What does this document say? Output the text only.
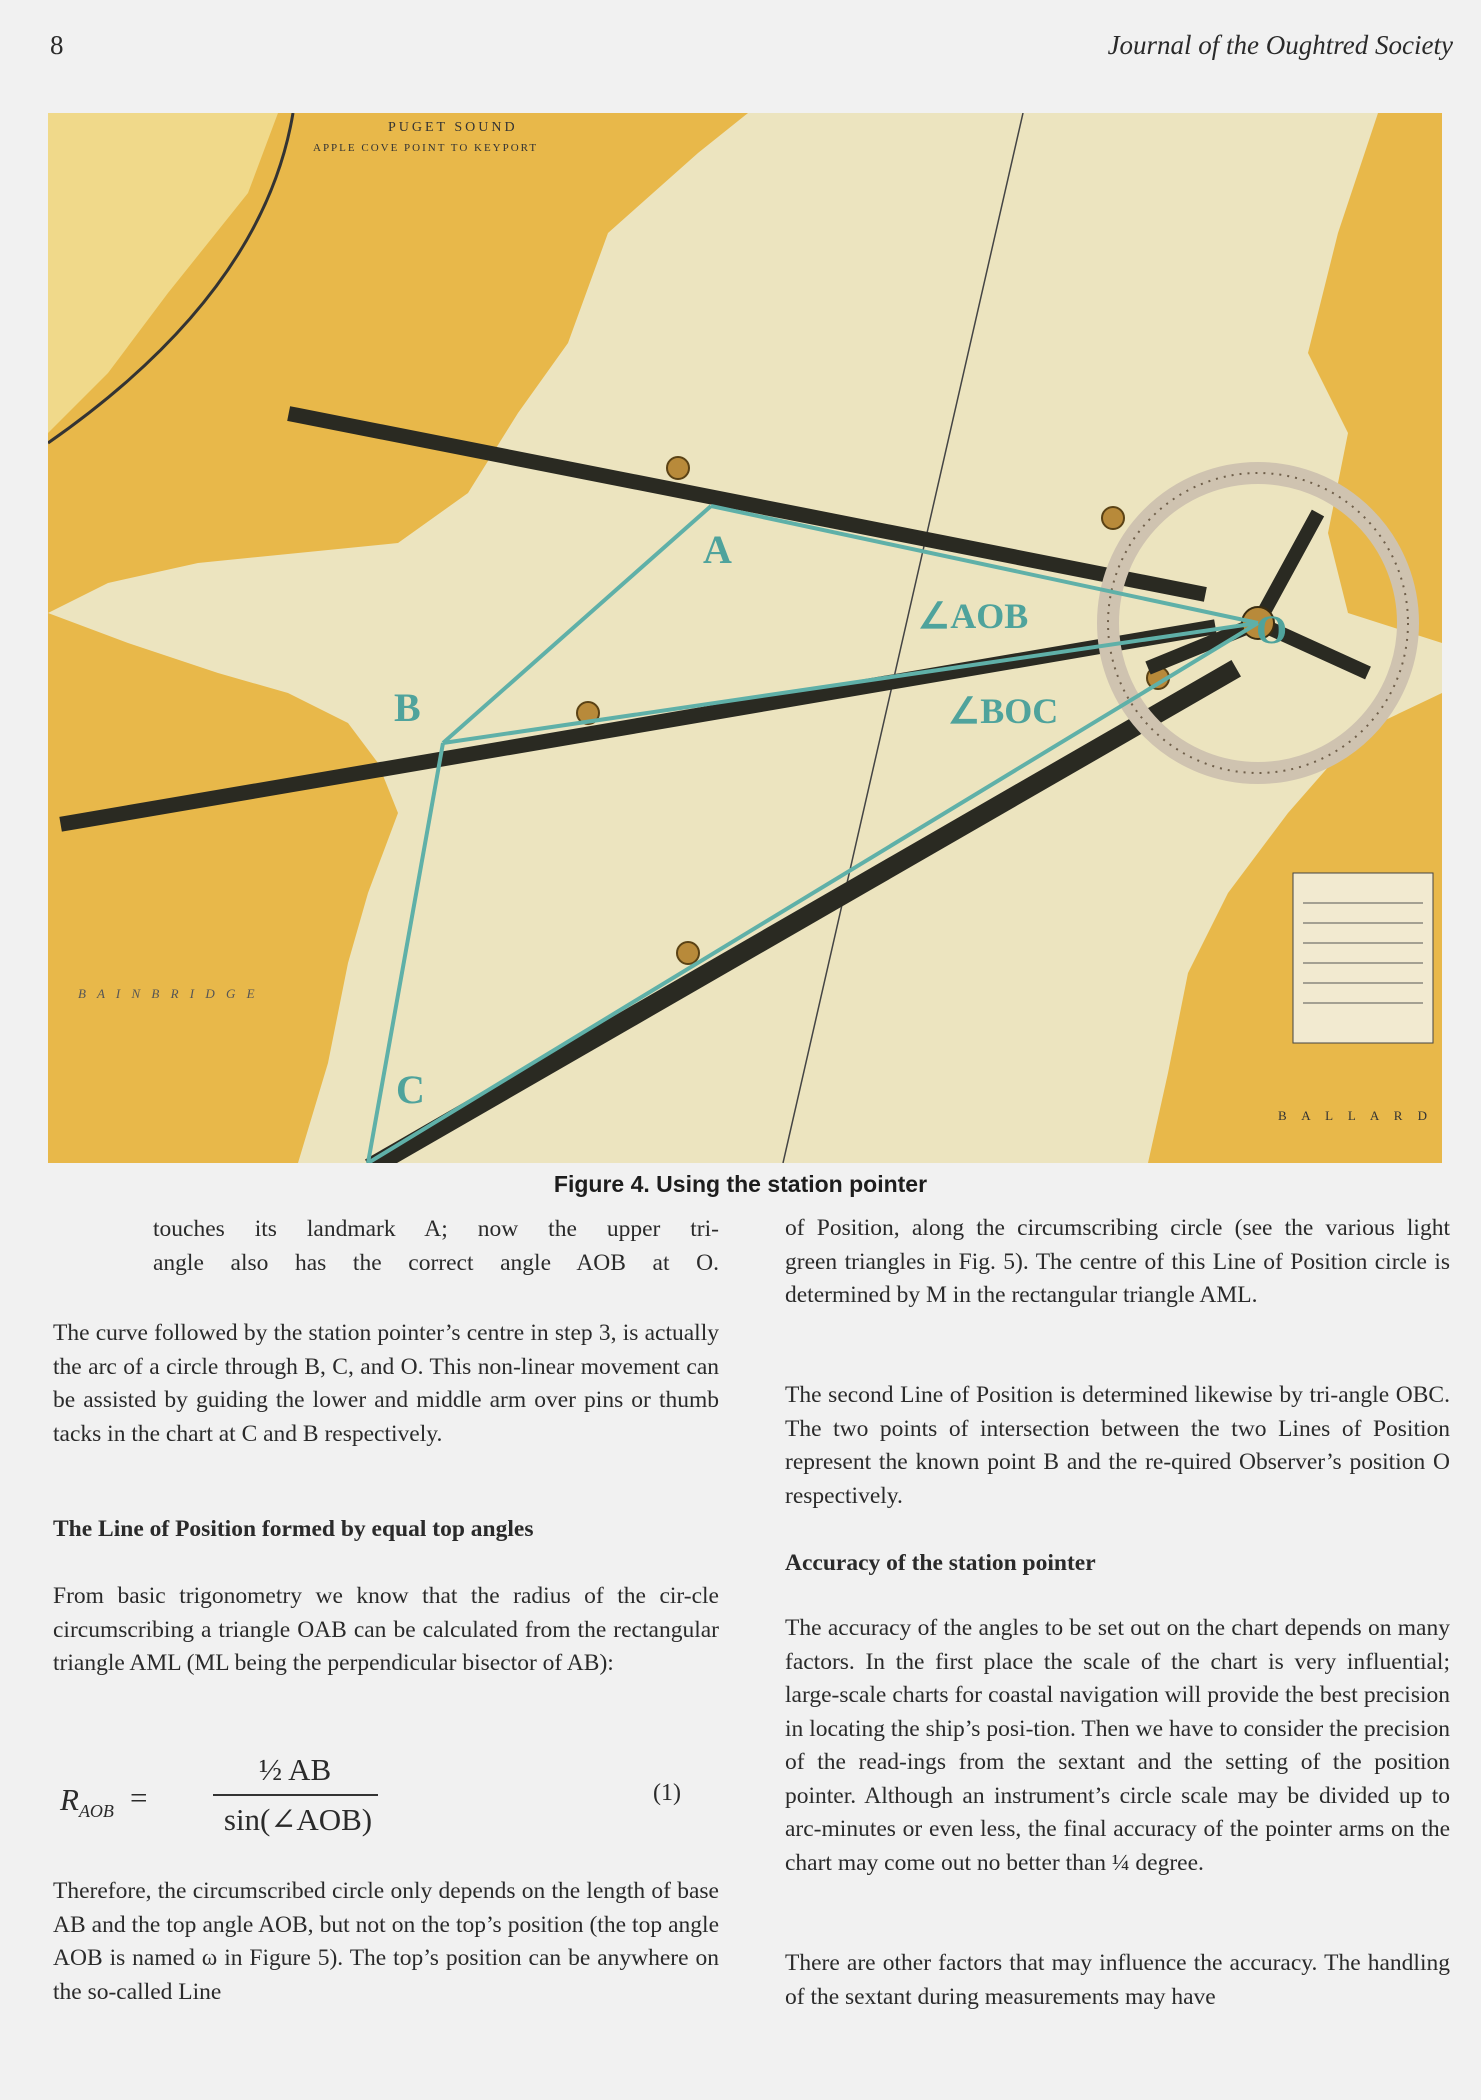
8	Journal of the Oughtred Society
PUGET SOUND
APPLE COVE POINT TO KEYPORT
B A I N B R I D G E
B A L L A R D
A
B
C
O
∠AOB
∠BOC
Figure 4. Using the station pointer

touches its landmark A; now the upper tri-

angle also has the correct angle AOB at O.

The curve followed by the station pointer’s centre in step 3, is actually the arc of a circle through B, C, and O. This non-linear movement can be assisted by guiding the lower and middle arm over pins or thumb tacks in the chart at C and B respectively.

The Line of Position formed by equal top angles

From basic trigonometry we know that the radius of the cir-cle circumscribing a triangle OAB can be calculated from the rectangular triangle AML (ML being the perpendicular bisector of AB):

$R_{AOB}$ =
½ AB
sin(∠AOB)
(1)

Therefore, the circumscribed circle only depends on the length of base AB and the top angle AOB, but not on the top’s position (the top angle AOB is named ω in Figure 5). The top’s position can be anywhere on the so-called Line

of Position, along the circumscribing circle (see the various light green triangles in Fig. 5). The centre of this Line of Position circle is determined by M in the rectangular triangle AML.

The second Line of Position is determined likewise by tri-angle OBC. The two points of intersection between the two Lines of Position represent the known point B and the re-quired Observer’s position O respectively.

Accuracy of the station pointer

The accuracy of the angles to be set out on the chart depends on many factors. In the first place the scale of the chart is very influential; large-scale charts for coastal navigation will provide the best precision in locating the ship’s posi-tion. Then we have to consider the precision of the read-ings from the sextant and the setting of the position pointer. Although an instrument’s circle scale may be divided up to arc-minutes or even less, the final accuracy of the pointer arms on the chart may come out no better than ¼ degree.

There are other factors that may influence the accuracy. The handling of the sextant during measurements may have
